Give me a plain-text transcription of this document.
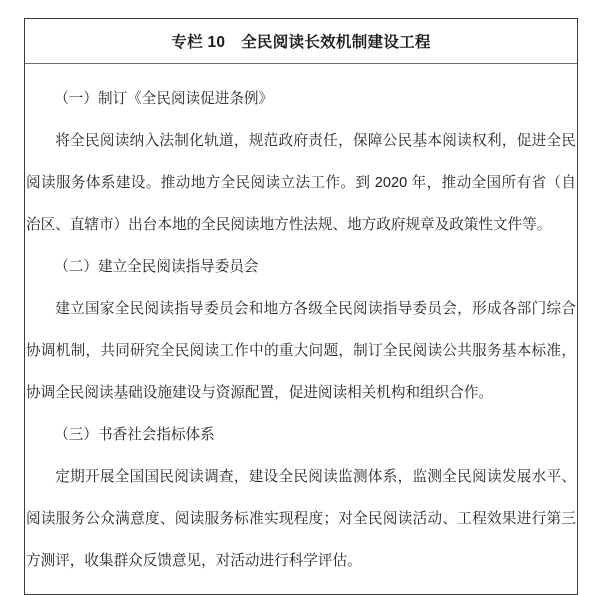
专栏 10　全民阅读长效机制建设工程

（一）制订《全民阅读促进条例》

将全民阅读纳入法制化轨道，规范政府责任，保障公民基本阅读权利，促进全民阅读服务体系建设。推动地方全民阅读立法工作。到 2020 年，推动全国所有省（自治区、直辖市）出台本地的全民阅读地方性法规、地方政府规章及政策性文件等。

（二）建立全民阅读指导委员会

建立国家全民阅读指导委员会和地方各级全民阅读指导委员会，形成各部门综合协调机制，共同研究全民阅读工作中的重大问题，制订全民阅读公共服务基本标准，协调全民阅读基础设施建设与资源配置，促进阅读相关机构和组织合作。

（三）书香社会指标体系

定期开展全国国民阅读调查，建设全民阅读监测体系，监测全民阅读发展水平、阅读服务公众满意度、阅读服务标准实现程度；对全民阅读活动、工程效果进行第三方测评，收集群众反馈意见，对活动进行科学评估。
